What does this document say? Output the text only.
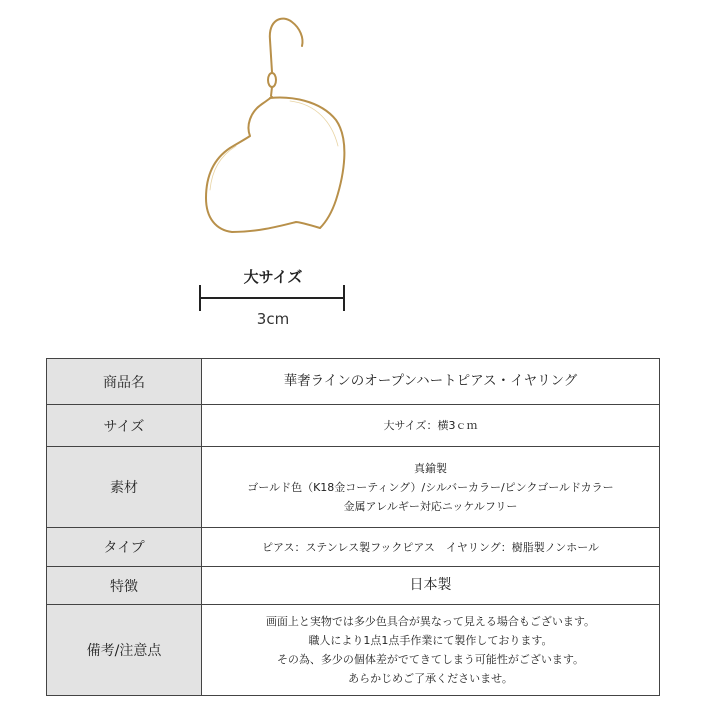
大サイズ
3cm
商品名	華奢ラインのオープンハートピアス・イヤリング

サイズ	大サイズ：横3ｃｍ

素材	真鍮製
ゴールド色（K18金コーティング）/シルバーカラー/ピンクゴールドカラー
金属アレルギー対応ニッケルフリー

タイプ	ピアス：ステンレス製フックピアス　イヤリング：樹脂製ノンホール

特徴	日本製

備考/注意点	画面上と実物では多少色具合が異なって見える場合もございます。
職人により1点1点手作業にて製作しております。
その為、多少の個体差がでてきてしまう可能性がございます。
あらかじめご了承くださいませ。
